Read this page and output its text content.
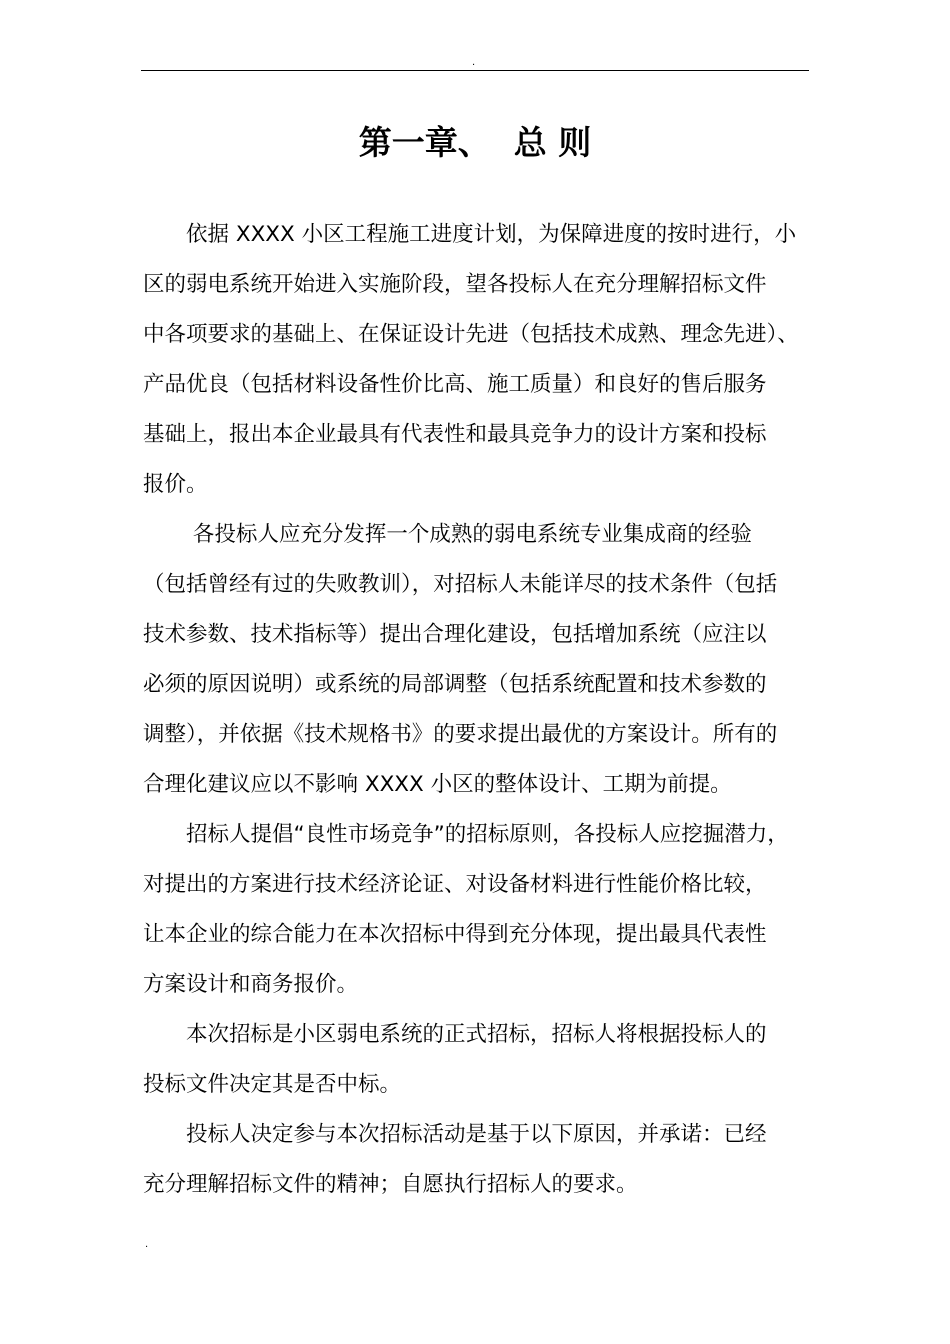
.
第一章、  总 则

　　依据 XXXX 小区工程施工进度计划，为保障进度的按时进行，小
区的弱电系统开始进入实施阶段，望各投标人在充分理解招标文件
中各项要求的基础上、在保证设计先进（包括技术成熟、理念先进）、
产品优良（包括材料设备性价比高、施工质量）和良好的售后服务
基础上，报出本企业最具有代表性和最具竞争力的设计方案和投标
报价。

　　 各投标人应充分发挥一个成熟的弱电系统专业集成商的经验
（包括曾经有过的失败教训），对招标人未能详尽的技术条件（包括
技术参数、技术指标等）提出合理化建设，包括增加系统（应注以
必须的原因说明）或系统的局部调整（包括系统配置和技术参数的
调整），并依据《技术规格书》的要求提出最优的方案设计。所有的
合理化建议应以不影响 XXXX 小区的整体设计、工期为前提。

　　招标人提倡“良性市场竞争”的招标原则，各投标人应挖掘潜力，
对提出的方案进行技术经济论证、对设备材料进行性能价格比较，
让本企业的综合能力在本次招标中得到充分体现，提出最具代表性
方案设计和商务报价。

　　本次招标是小区弱电系统的正式招标，招标人将根据投标人的
投标文件决定其是否中标。

　　投标人决定参与本次招标活动是基于以下原因，并承诺：已经
充分理解招标文件的精神；自愿执行招标人的要求。

.
